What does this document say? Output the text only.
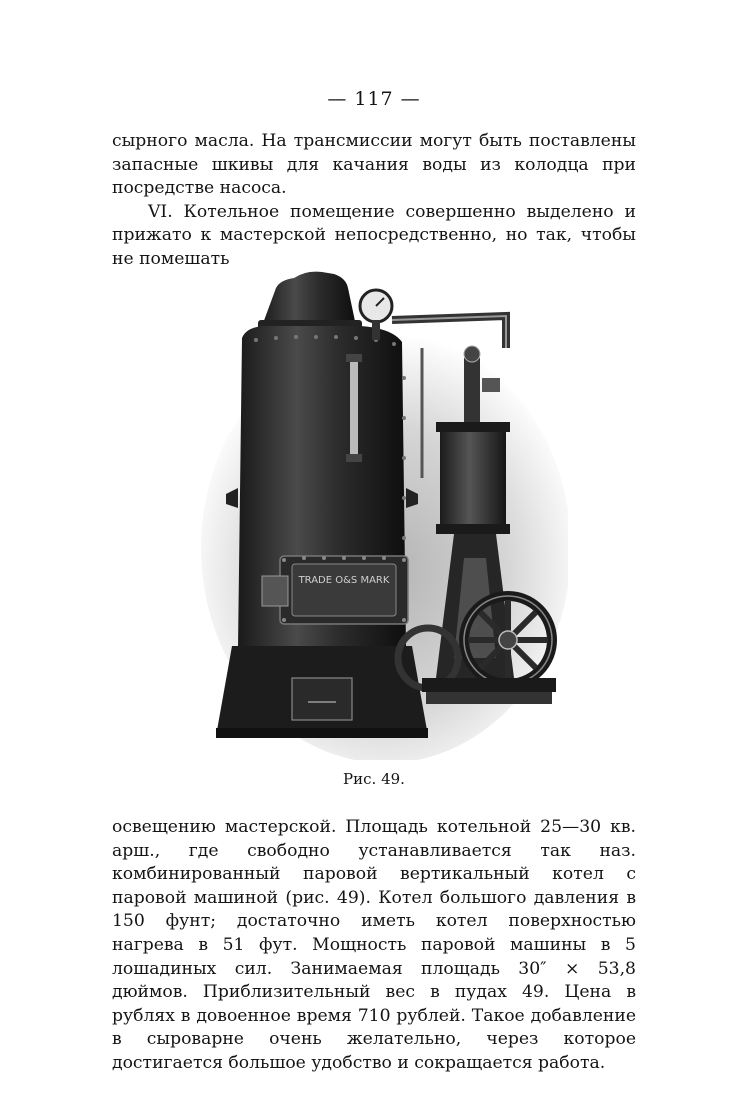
— 117 —

сырного масла. На трансмиссии могут быть поставлены запасные шкивы для качания воды из колодца при посредстве насоса.

VI. Котельное помещение совершенно выделено и прижато к мастерской непосредственно, но так, чтобы не помешать

TRADE O&S MARK
Рис. 49.

освещению мастерской. Площадь котельной 25—30 кв. арш., где свободно устанавливается так наз. комбинированный паровой вертикальный котел с паровой машиной (рис. 49). Котел большого давления в 150 фунт; достаточно иметь котел поверхностью нагрева в 51 фут. Мощность паровой машины в 5 лошадиных сил. Занимаемая площадь 30″ × 53,8 дюймов. Приблизительный вес в пудах 49. Цена в рублях в довоенное время 710 рублей. Такое добавление в сыроварне очень желательно, через которое достигается большое удобство и сокращается работа.
